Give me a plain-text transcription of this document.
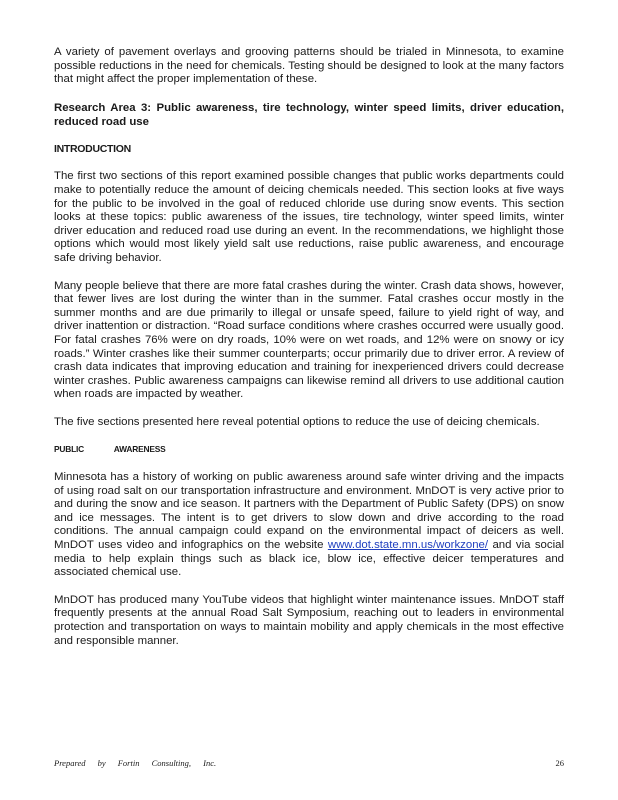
A variety of pavement overlays and grooving patterns should be trialed in Minnesota, to examine possible reductions in the need for chemicals. Testing should be designed to look at the many factors that might affect the proper implementation of these.

Research Area 3: Public awareness, tire technology, winter speed limits, driver education, reduced road use

INTRODUCTION

The first two sections of this report examined possible changes that public works departments could make to potentially reduce the amount of deicing chemicals needed. This section looks at five ways for the public to be involved in the goal of reduced chloride use during snow events. This section looks at these topics: public awareness of the issues, tire technology, winter speed limits, winter driver education and reduced road use during an event. In the recommendations, we highlight those options which would most likely yield salt use reductions, raise public awareness, and encourage safe driving behavior.

Many people believe that there are more fatal crashes during the winter. Crash data shows, however, that fewer lives are lost during the winter than in the summer. Fatal crashes occur mostly in the summer months and are due primarily to illegal or unsafe speed, failure to yield right of way, and driver inattention or distraction. “Road surface conditions where crashes occurred were usually good. For fatal crashes 76% were on dry roads, 10% were on wet roads, and 12% were on snowy or icy roads.” Winter crashes like their summer counterparts; occur primarily due to driver error. A review of crash data indicates that improving education and training for inexperienced drivers could decrease winter crashes. Public awareness campaigns can likewise remind all drivers to use additional caution when roads are impacted by weather.

The five sections presented here reveal potential options to reduce the use of deicing chemicals.

PUBLIC AWARENESS

Minnesota has a history of working on public awareness around safe winter driving and the impacts of using road salt on our transportation infrastructure and environment. MnDOT is very active prior to and during the snow and ice season. It partners with the Department of Public Safety (DPS) on snow and ice messages. The intent is to get drivers to slow down and drive according to the road conditions. The annual campaign could expand on the environmental impact of deicers as well. MnDOT uses video and infographics on the website www.dot.state.mn.us/workzone/ and via social media to help explain things such as black ice, blow ice, effective deicer temperatures and associated chemical use.

MnDOT has produced many YouTube videos that highlight winter maintenance issues. MnDOT staff frequently presents at the annual Road Salt Symposium, reaching out to leaders in environmental protection and transportation on ways to maintain mobility and apply chemicals in the most effective and responsible manner.

Prepared by Fortin Consulting, Inc.	26
